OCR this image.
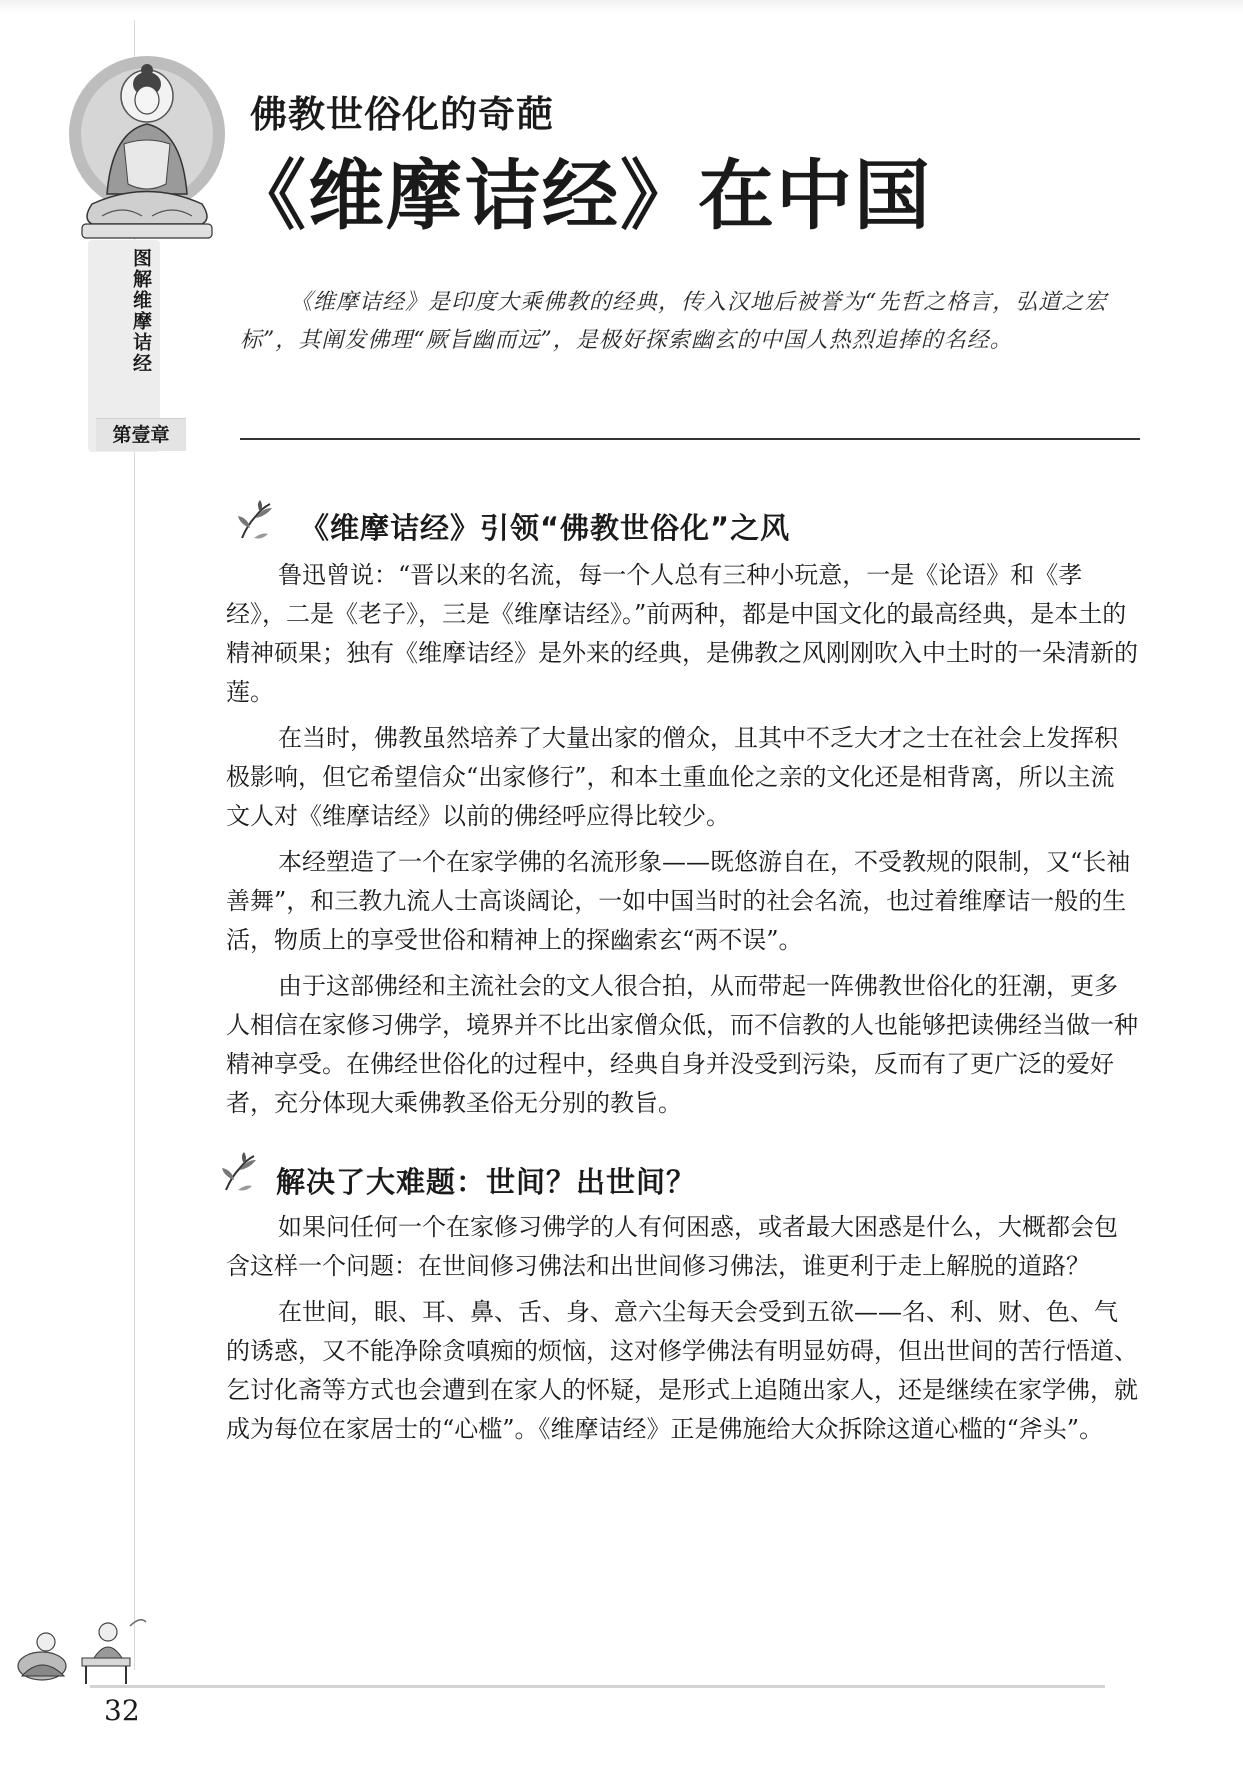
图解维摩诘经
第壹章
佛教世俗化的奇葩
《维摩诘经》在中国
《维摩诘经》是印度大乘佛教的经典，传入汉地后被誉为“先哲之格言，弘道之宏标”，其阐发佛理“厥旨幽而远”，是极好探索幽玄的中国人热烈追捧的名经。
《维摩诘经》引领“佛教世俗化”之风

鲁迅曾说：“晋以来的名流，每一个人总有三种小玩意，一是《论语》和《孝经》，二是《老子》，三是《维摩诘经》。”前两种，都是中国文化的最高经典，是本土的精神硕果；独有《维摩诘经》是外来的经典，是佛教之风刚刚吹入中土时的一朵清新的莲。

在当时，佛教虽然培养了大量出家的僧众，且其中不乏大才之士在社会上发挥积极影响，但它希望信众“出家修行”，和本土重血伦之亲的文化还是相背离，所以主流文人对《维摩诘经》以前的佛经呼应得比较少。

本经塑造了一个在家学佛的名流形象——既悠游自在，不受教规的限制，又“长袖善舞”，和三教九流人士高谈阔论，一如中国当时的社会名流，也过着维摩诘一般的生活，物质上的享受世俗和精神上的探幽索玄“两不误”。

由于这部佛经和主流社会的文人很合拍，从而带起一阵佛教世俗化的狂潮，更多人相信在家修习佛学，境界并不比出家僧众低，而不信教的人也能够把读佛经当做一种精神享受。在佛经世俗化的过程中，经典自身并没受到污染，反而有了更广泛的爱好者，充分体现大乘佛教圣俗无分别的教旨。

解决了大难题：世间？出世间？

如果问任何一个在家修习佛学的人有何困惑，或者最大困惑是什么，大概都会包含这样一个问题：在世间修习佛法和出世间修习佛法，谁更利于走上解脱的道路？

在世间，眼、耳、鼻、舌、身、意六尘每天会受到五欲——名、利、财、色、气的诱惑，又不能净除贪嗔痴的烦恼，这对修学佛法有明显妨碍，但出世间的苦行悟道、乞讨化斋等方式也会遭到在家人的怀疑，是形式上追随出家人，还是继续在家学佛，就成为每位在家居士的“心槛”。《维摩诘经》正是佛施给大众拆除这道心槛的“斧头”。

32
